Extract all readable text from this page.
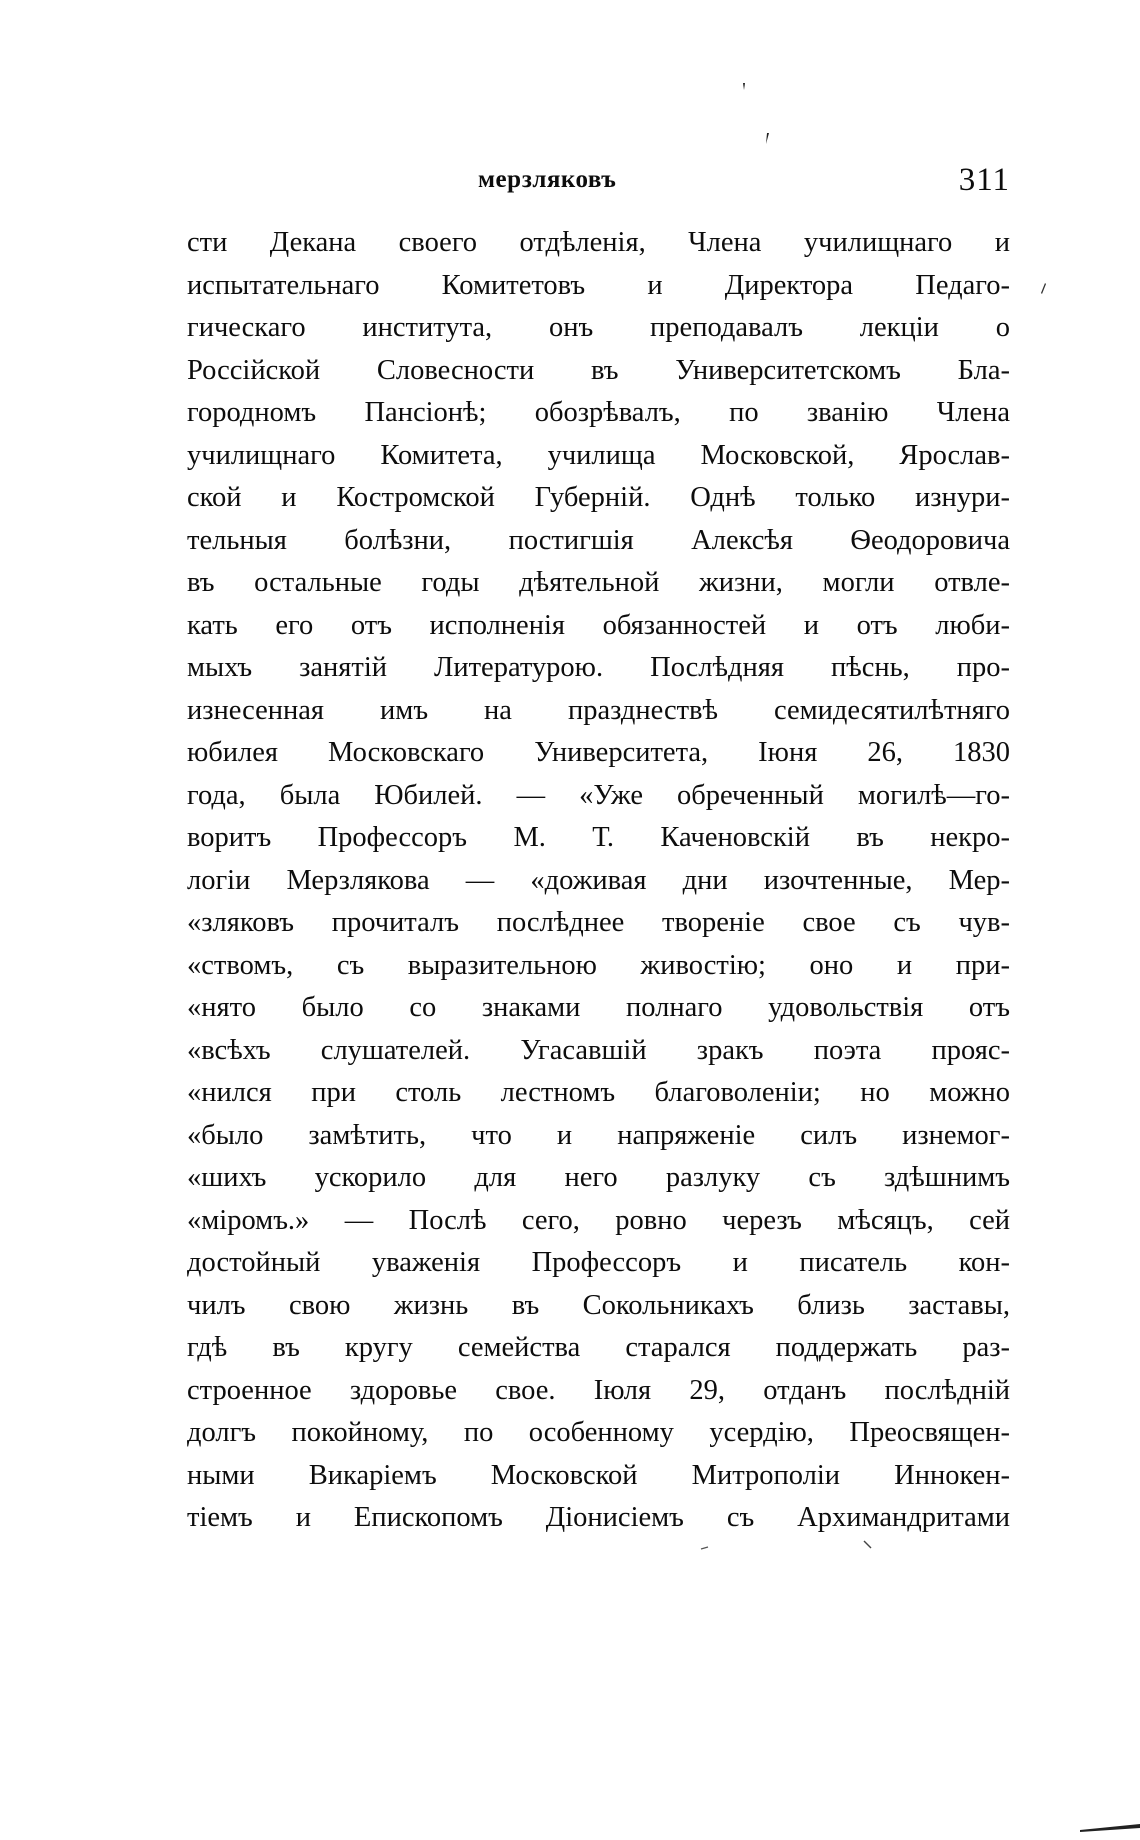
мерзляковъ	311
сти Декана своего отдѣленія, Члена училищнаго и
испытательнаго Комитетовъ и Директора Педаго-
гическаго института, онъ преподавалъ лекціи о
Россійской Словесности въ Университетскомъ Бла-
городномъ Пансіонѣ; обозрѣвалъ, по званію Члена
училищнаго Комитета, училища Московской, Ярослав-
ской и Костромской Губерній. Однѣ только изнури-
тельныя болѣзни, постигшія Алексѣя Ѳеодоровича
въ остальные годы дѣятельной жизни, могли отвле-
кать его отъ исполненія обязанностей и отъ люби-
мыхъ занятій Литературою. Послѣдняя пѣснь, про-
изнесенная имъ на празднествѣ семидесятилѣтняго
юбилея Московскаго Университета, Іюня 26, 1830
года, была Юбилей. — «Уже обреченный могилѣ—го-
воритъ Профессоръ М. Т. Каченовскій въ некро-
логіи Мерзлякова — «доживая дни изочтенные, Мер-
«зляковъ прочиталъ послѣднее твореніе свое съ чув-
«ствомъ, съ выразительною живостію; оно и при-
«нято было со знаками полнаго удовольствія отъ
«всѣхъ слушателей. Угасавшій зракъ поэта прояс-
«нился при столь лестномъ благоволеніи; но можно
«было замѣтить, что и напряженіе силъ изнемог-
«шихъ ускорило для него разлуку съ здѣшнимъ
«міромъ.» — Послѣ сего, ровно черезъ мѣсяцъ, сей
достойный уваженія Профессоръ и писатель кон-
чилъ свою жизнь въ Сокольникахъ близь заставы,
гдѣ въ кругу семейства старался поддержать раз-
строенное здоровье свое. Іюля 29, отданъ послѣдній
долгъ покойному, по особенному усердію, Преосвящен-
ными Викаріемъ Московской Митрополіи Иннокен-
тіемъ и Епископомъ Діонисіемъ съ Архимандритами
